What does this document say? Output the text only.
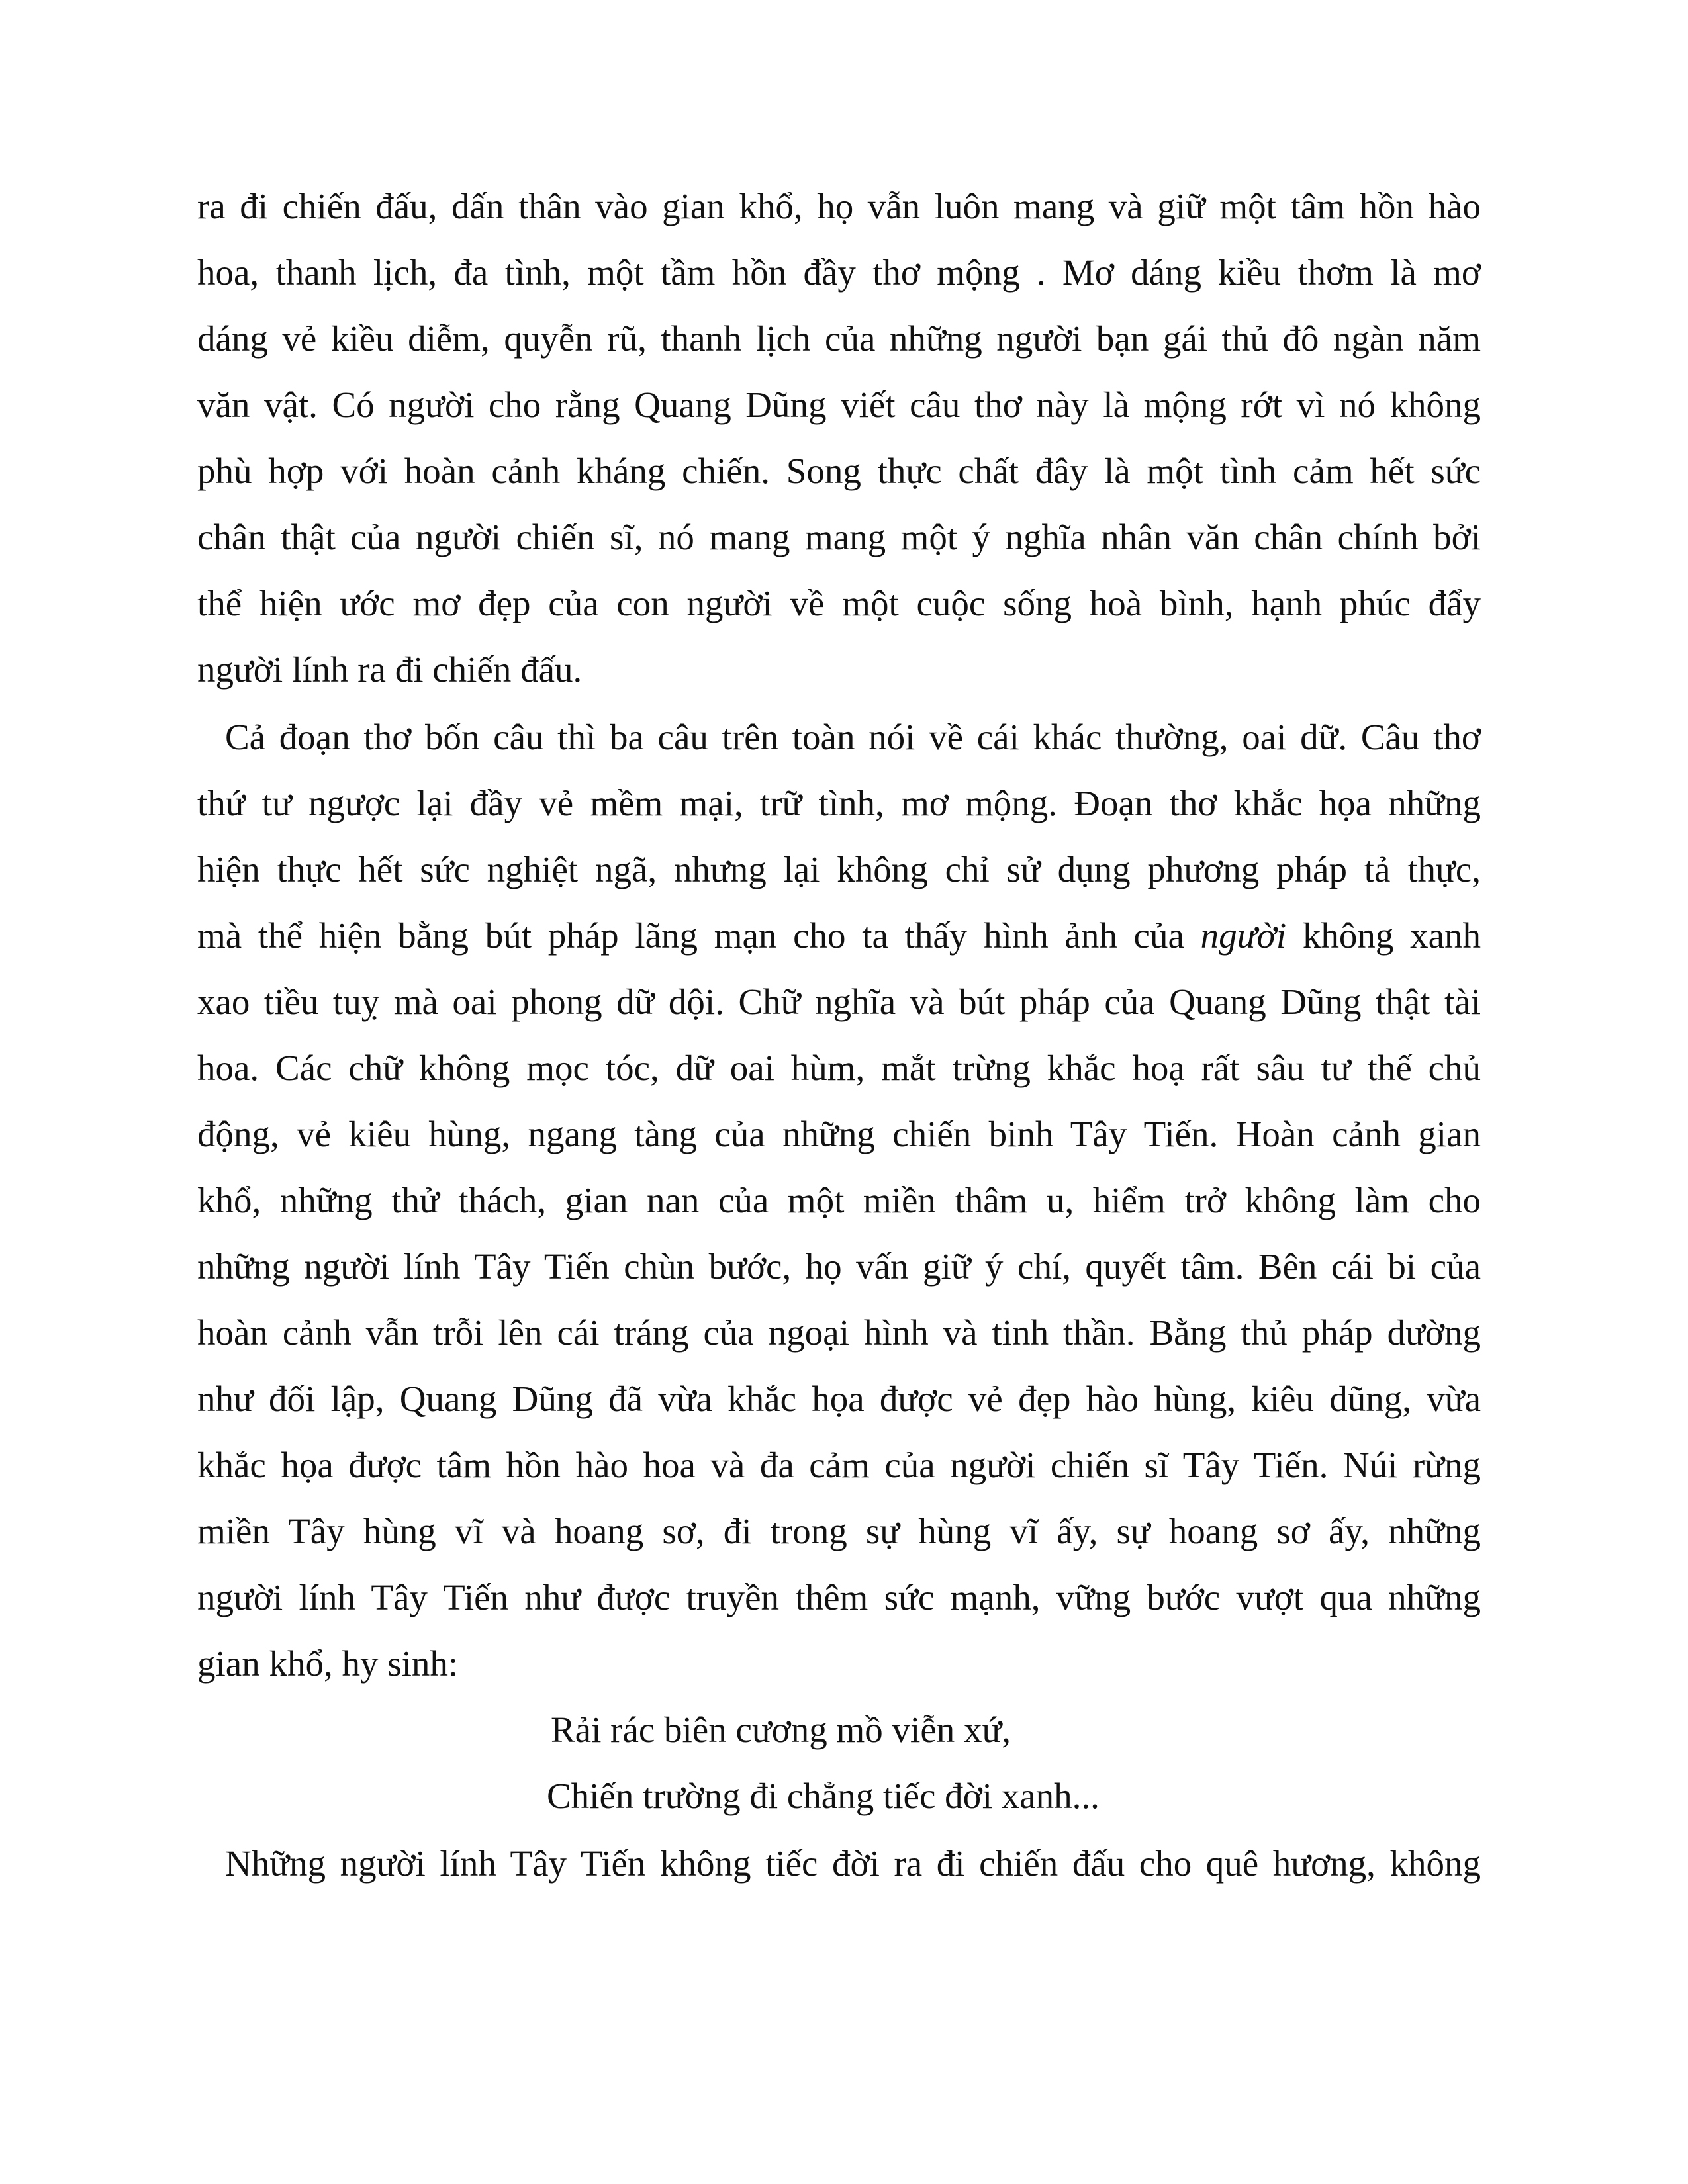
ra đi chiến đấu, dấn thân vào gian khổ, họ vẫn luôn mang và giữ một tâm hồn hào
hoa, thanh lịch, đa tình, một tầm hồn đầy thơ mộng . Mơ dáng kiều thơm là mơ
dáng vẻ kiều diễm, quyễn rũ, thanh lịch của những người bạn gái thủ đô ngàn năm
văn vật. Có người cho rằng Quang Dũng viết câu thơ này là mộng rớt vì nó không
phù hợp với hoàn cảnh kháng chiến. Song thực chất đây là một tình cảm hết sức
chân thật của người chiến sĩ, nó mang mang một ý nghĩa nhân văn chân chính bởi
thể hiện ước mơ đẹp của con người về một cuộc sống hoà bình, hạnh phúc đẩy
người lính ra đi chiến đấu.
Cả đoạn thơ bốn câu thì ba câu trên toàn nói về cái khác thường, oai dữ. Câu thơ
thứ tư ngược lại đầy vẻ mềm mại, trữ tình, mơ mộng. Đoạn thơ khắc họa những
hiện thực hết sức nghiệt ngã, nhưng lại không chỉ sử dụng phương pháp tả thực,
mà thể hiện bằng bút pháp lãng mạn cho ta thấy hình ảnh của người không xanh
xao tiều tuỵ mà oai phong dữ dội. Chữ nghĩa và bút pháp của Quang Dũng thật tài
hoa. Các chữ không mọc tóc, dữ oai hùm, mắt trừng khắc hoạ rất sâu tư thế chủ
động, vẻ kiêu hùng, ngang tàng của những chiến binh Tây Tiến. Hoàn cảnh gian
khổ, những thử thách, gian nan của một miền thâm u, hiểm trở không làm cho
những người lính Tây Tiến chùn bước, họ vấn giữ ý chí, quyết tâm. Bên cái bi của
hoàn cảnh vẫn trỗi lên cái tráng của ngoại hình và tinh thần. Bằng thủ pháp dường
như đối lập, Quang Dũng đã vừa khắc họa được vẻ đẹp hào hùng, kiêu dũng, vừa
khắc họa được tâm hồn hào hoa và đa cảm của người chiến sĩ Tây Tiến. Núi rừng
miền Tây hùng vĩ và hoang sơ, đi trong sự hùng vĩ ấy, sự hoang sơ ấy, những
người lính Tây Tiến như được truyền thêm sức mạnh, vững bước vượt qua những
gian khổ, hy sinh:
Rải rác biên cương mồ viễn xứ,
Chiến trường đi chẳng tiếc đời xanh...
Những người lính Tây Tiến không tiếc đời ra đi chiến đấu cho quê hương, không
